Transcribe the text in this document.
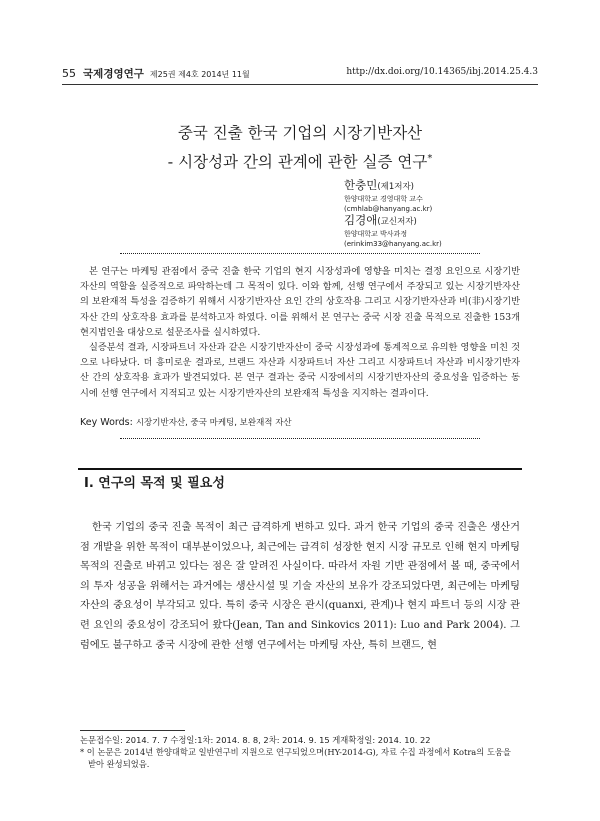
55 국제경영연구 제25권 제4호 2014년 11월	http://dx.doi.org/10.14365/ibj.2014.25.4.3
중국 진출 한국 기업의 시장기반자산
- 시장성과 간의 관계에 관한 실증 연구*
한충민(제1저자)
한양대학교 경영대학 교수
(cmhlab@hanyang.ac.kr)
김경애(교신저자)
한양대학교 박사과정
(erinkim33@hanyang.ac.kr)

본 연구는 마케팅 관점에서 중국 진출 한국 기업의 현지 시장성과에 영향을 미치는 결정 요인으로 시장기반자산의 역할을 실증적으로 파악하는데 그 목적이 있다. 이와 함께, 선행 연구에서 주장되고 있는 시장기반자산의 보완재적 특성을 검증하기 위해서 시장기반자산 요인 간의 상호작용 그리고 시장기반자산과 비(非)시장기반자산 간의 상호작용 효과를 분석하고자 하였다. 이를 위해서 본 연구는 중국 시장 진출 목적으로 진출한 153개 현지법인을 대상으로 설문조사를 실시하였다.

실증분석 결과, 시장파트너 자산과 같은 시장기반자산이 중국 시장성과에 통계적으로 유의한 영향을 미친 것으로 나타났다. 더 흥미로운 결과로, 브랜드 자산과 시장파트너 자산 그리고 시장파트너 자산과 비시장기반자산 간의 상호작용 효과가 발견되었다. 본 연구 결과는 중국 시장에서의 시장기반자산의 중요성을 입증하는 동시에 선행 연구에서 지적되고 있는 시장기반자산의 보완재적 특성을 지지하는 결과이다.

Key Words: 시장기반자산, 중국 마케팅, 보완재적 자산
Ⅰ. 연구의 목적 및 필요성

한국 기업의 중국 진출 목적이 최근 급격하게 변하고 있다. 과거 한국 기업의 중국 진출은 생산거점 개발을 위한 목적이 대부분이었으나, 최근에는 급격히 성장한 현지 시장 규모로 인해 현지 마케팅 목적의 진출로 바뀌고 있다는 점은 잘 알려진 사실이다. 따라서 자원 기반 관점에서 볼 때, 중국에서의 투자 성공을 위해서는 과거에는 생산시설 및 기술 자산의 보유가 강조되었다면, 최근에는 마케팅 자산의 중요성이 부각되고 있다. 특히 중국 시장은 관시(quanxi, 관계)나 현지 파트너 등의 시장 관련 요인의 중요성이 강조되어 왔다(Jean, Tan and Sinkovics 2011): Luo and Park 2004). 그럼에도 불구하고 중국 시장에 관한 선행 연구에서는 마케팅 자산, 특히 브랜드, 현

논문접수일: 2014. 7. 7 수정일:1차: 2014. 8. 8, 2차: 2014. 9. 15 게재확정일: 2014. 10. 22

* 이 논문은 2014년 한양대학교 일반연구비 지원으로 연구되었으며(HY-2014-G), 자료 수집 과정에서 Kotra의 도움을 받아 완성되었음.
